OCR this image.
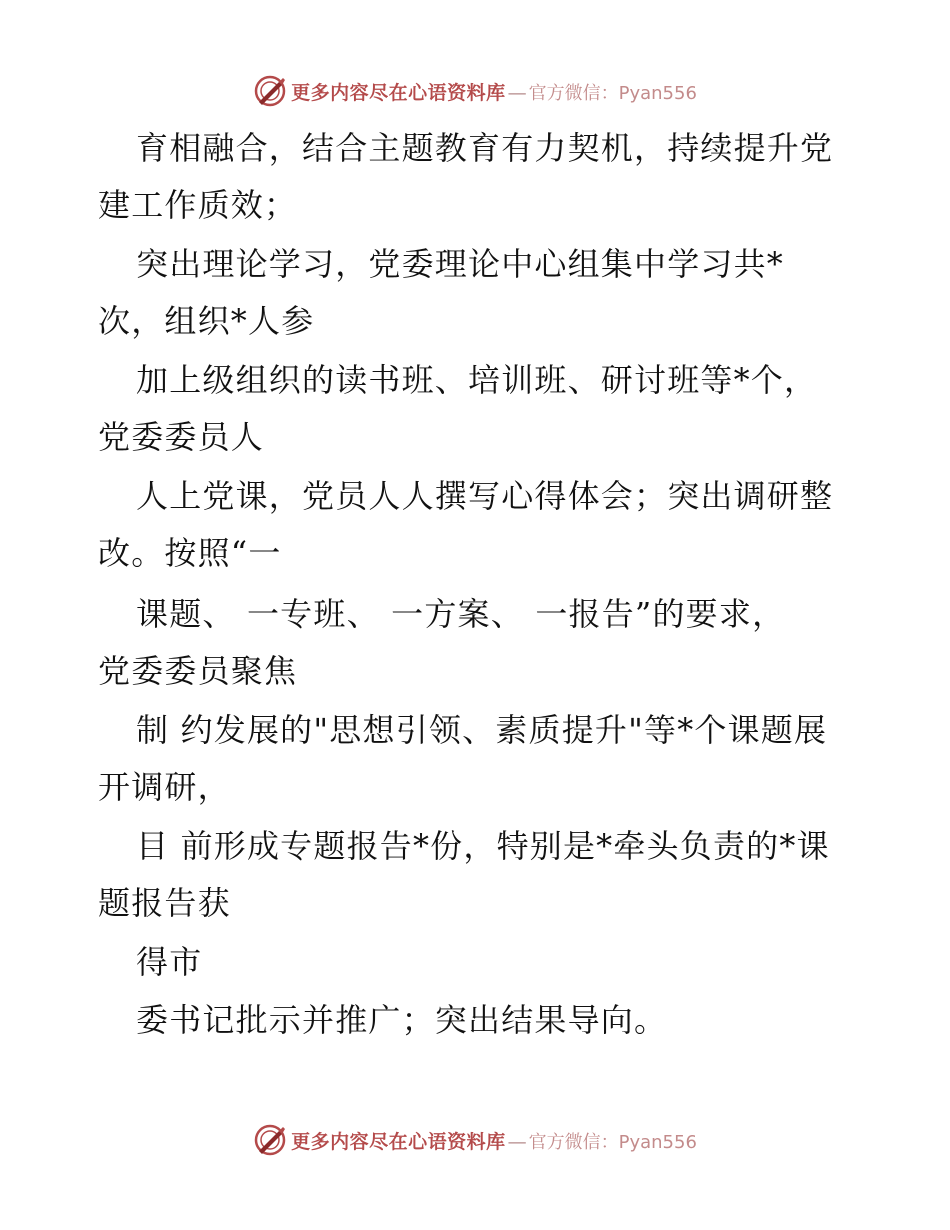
更多内容尽在心语资料库 — 官方微信：Pyan556
育相融合，结合主题教育有力契机，持续提升党
建工作质效；
突出理论学习，党委理论中心组集中学习共*
次，组织*人参
加上级组织的读书班、培训班、研讨班等*个，
党委委员人
人上党课，党员人人撰写心得体会；突出调研整
改。按照“一
课题、 一专班、 一方案、 一报告”的要求，
党委委员聚焦
制 约发展的"思想引领、素质提升"等*个课题展
开调研，
目 前形成专题报告*份，特别是*牵头负责的*课
题报告获
得市
委书记批示并推广；突出结果导向。
更多内容尽在心语资料库 — 官方微信：Pyan556
